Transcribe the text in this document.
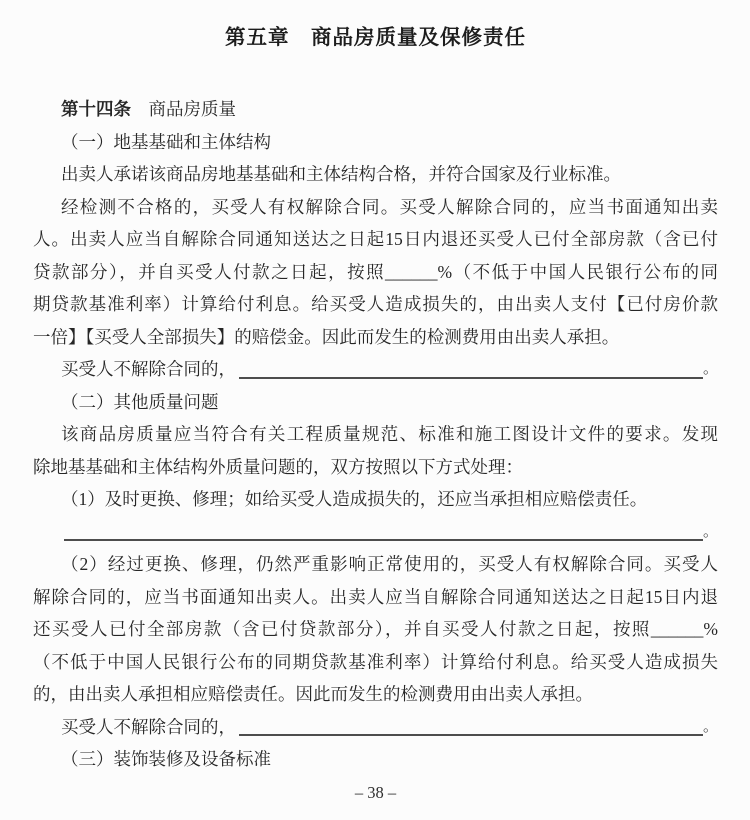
第五章　商品房质量及保修责任
第十四条　商品房质量
（一）地基基础和主体结构
出卖人承诺该商品房地基基础和主体结构合格，并符合国家及行业标准。
经检测不合格的，买受人有权解除合同。买受人解除合同的，应当书面通知出卖
人。出卖人应当自解除合同通知送达之日起15日内退还买受人已付全部房款（含已付
贷款部分），并自买受人付款之日起，按照______%（不低于中国人民银行公布的同
期贷款基准利率）计算给付利息。给买受人造成损失的，由出卖人支付【已付房价款
一倍】【买受人全部损失】的赔偿金。因此而发生的检测费用由出卖人承担。
买受人不解除合同的，	。
（二）其他质量问题
该商品房质量应当符合有关工程质量规范、标准和施工图设计文件的要求。发现
除地基基础和主体结构外质量问题的，双方按照以下方式处理：
（1）及时更换、修理；如给买受人造成损失的，还应当承担相应赔偿责任。
。
（2）经过更换、修理，仍然严重影响正常使用的，买受人有权解除合同。买受人
解除合同的，应当书面通知出卖人。出卖人应当自解除合同通知送达之日起15日内退
还买受人已付全部房款（含已付贷款部分），并自买受人付款之日起，按照______%
（不低于中国人民银行公布的同期贷款基准利率）计算给付利息。给买受人造成损失
的，由出卖人承担相应赔偿责任。因此而发生的检测费用由出卖人承担。
买受人不解除合同的，	。
（三）装饰装修及设备标准
– 38 –
